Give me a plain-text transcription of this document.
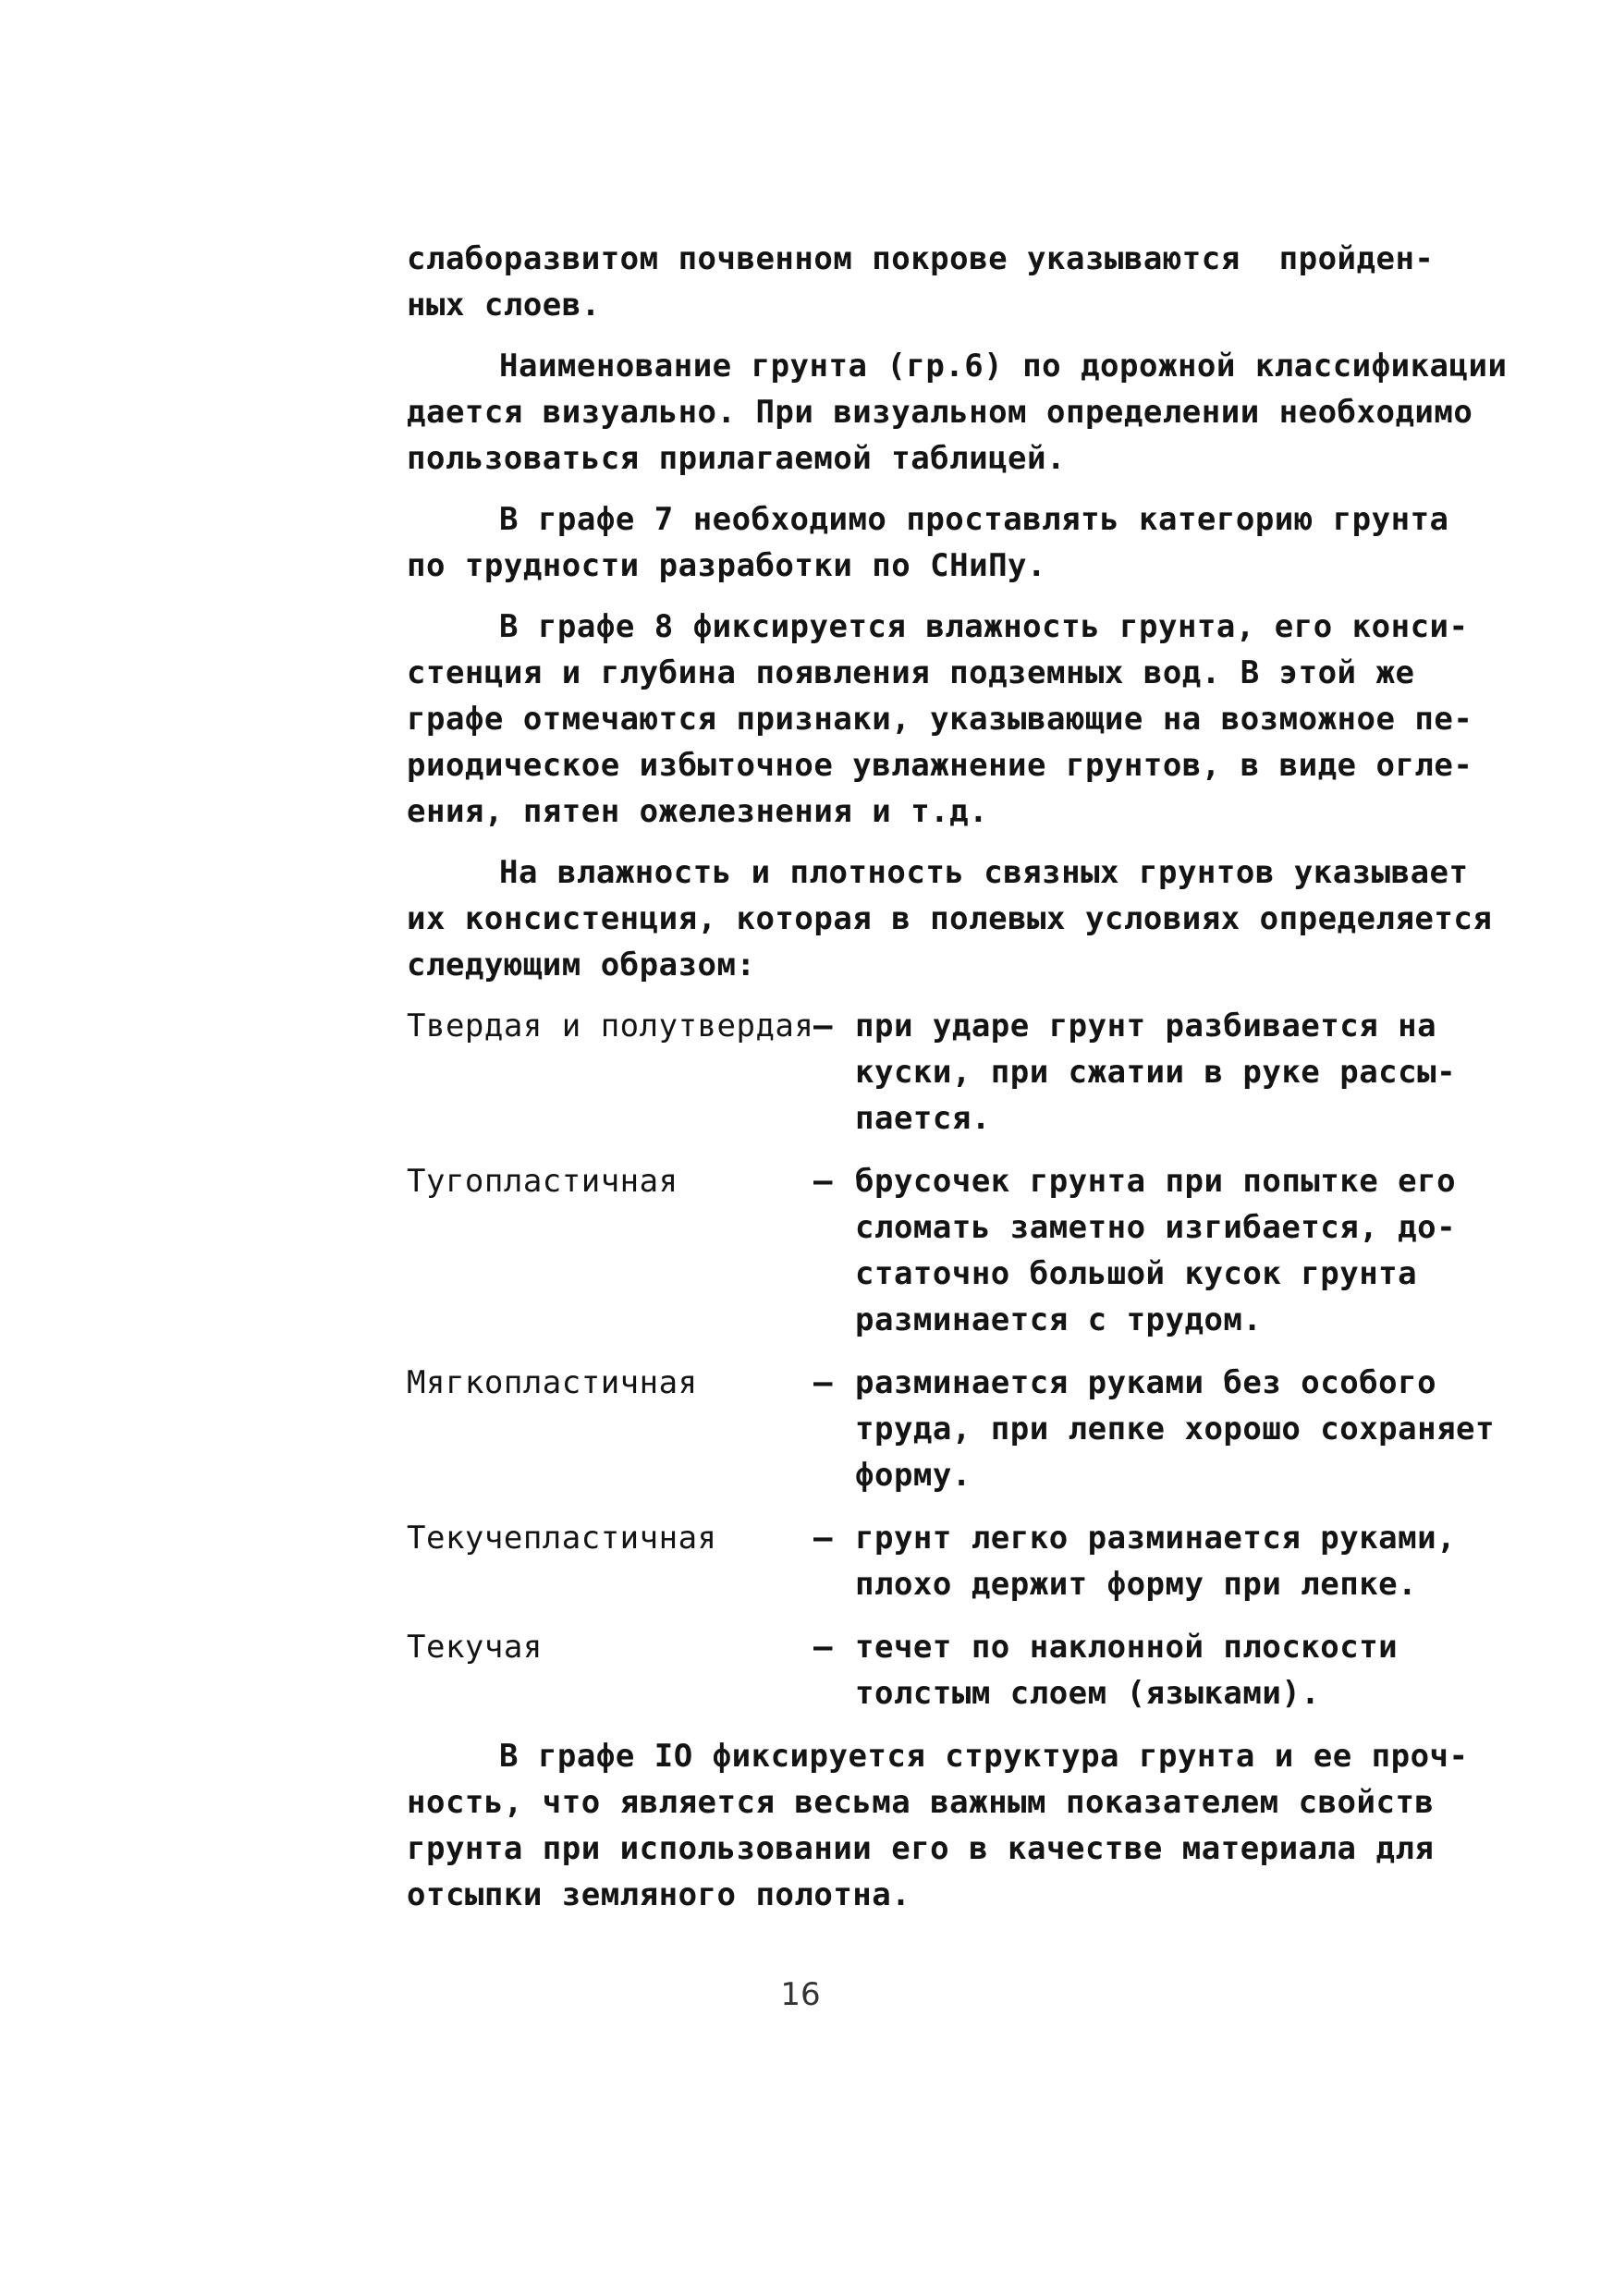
слаборазвитом почвенном покрове указываются  пройден-
ных слоев.
Наименование грунта (гр.6) по дорожной классификации
дается визуально. При визуальном определении необходимо
пользоваться прилагаемой таблицей.
В графе 7 необходимо проставлять категорию грунта
по трудности разработки по СНиПу.
В графе 8 фиксируется влажность грунта, его конси-
стенция и глубина появления подземных вод. В этой же
графе отмечаются признаки, указывающие на возможное пе-
риодическое избыточное увлажнение грунтов, в виде огле-
ения, пятен ожелезнения и т.д.
На влажность и плотность связных грунтов указывает
их консистенция, которая в полевых условиях определяется
следующим образом:
Твердая и полутвердая – при ударе грунт разбивается на
куски, при сжатии в руке рассы-
пается.
Тугопластичная	– брусочек грунта при попытке его
сломать заметно изгибается, до-
статочно большой кусок грунта
разминается с трудом.
Мягкопластичная	– разминается руками без особого
труда, при лепке хорошо сохраняет
форму.
Текучепластичная	– грунт легко разминается руками,
плохо держит форму при лепке.
Текучая	– течет по наклонной плоскости
толстым слоем (языками).
В графе IO фиксируется структура грунта и ее проч-
ность, что является весьма важным показателем свойств
грунта при использовании его в качестве материала для
отсыпки земляного полотна.
16
